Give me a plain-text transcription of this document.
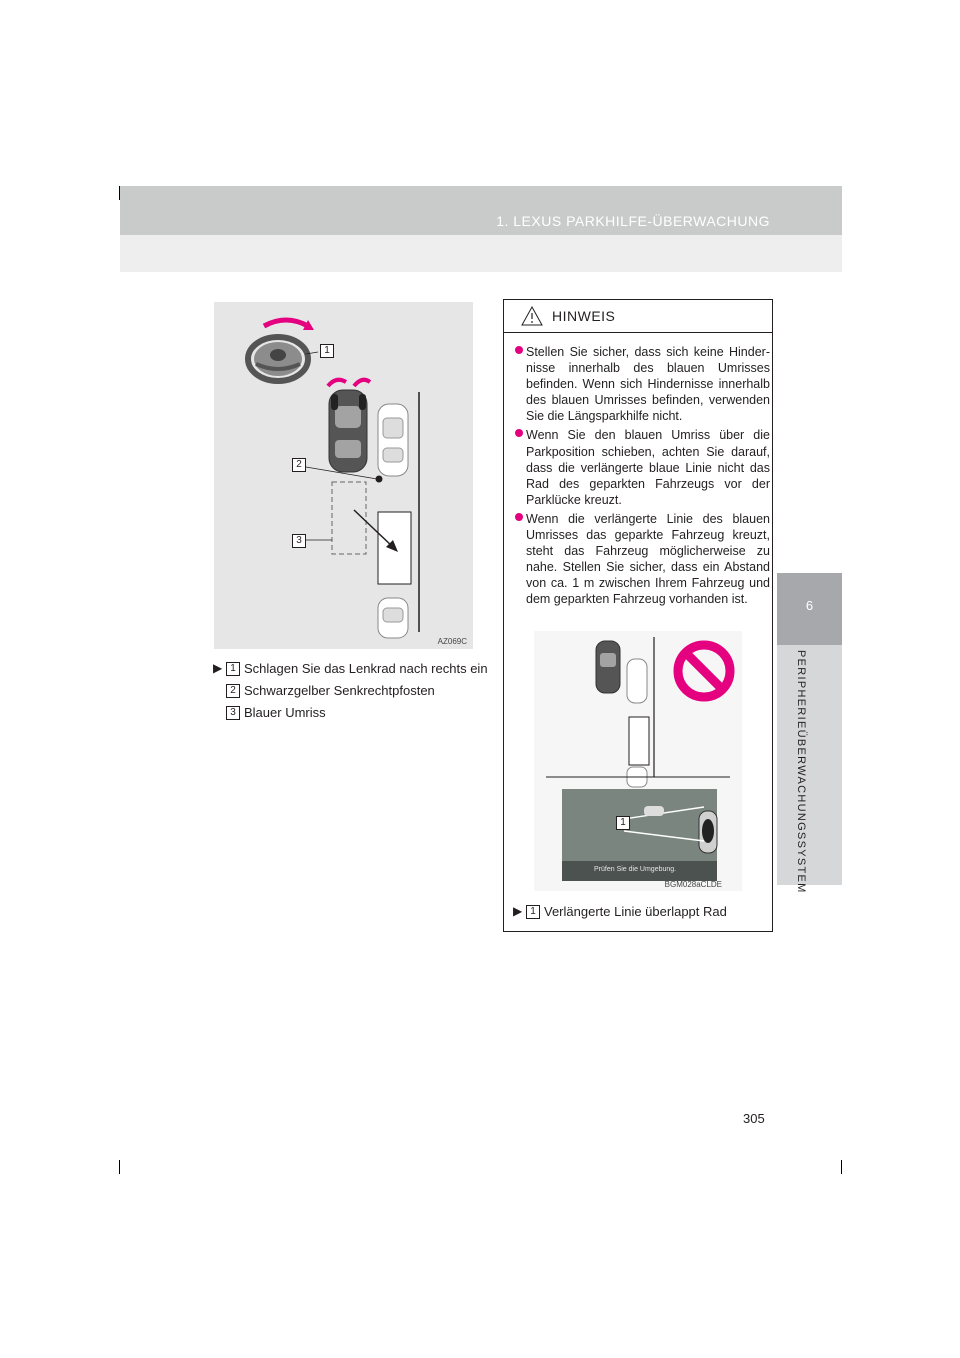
1. LEXUS PARKHILFE-ÜBERWACHUNG
6
PERIPHERIEÜBERWACHUNGSSYSTEM
1
2
3
AZ069C
▶ 1 Schlagen Sie das Lenkrad nach rechts ein
2 Schwarzgelber Senkrechtpfosten
3 Blauer Umriss
HINWEIS
Stellen Sie sicher, dass sich keine Hinder-nisse innerhalb des blauen Umrisses befinden. Wenn sich Hindernisse innerhalb des blauen Umrisses befinden, verwenden Sie die Längsparkhilfe nicht.
Wenn Sie den blauen Umriss über die Parkposition schieben, achten Sie darauf, dass die verlängerte blaue Linie nicht das Rad des geparkten Fahrzeugs vor der Parklücke kreuzt.
Wenn die verlängerte Linie des blauen Umrisses das geparkte Fahrzeug kreuzt, steht das Fahrzeug möglicherweise zu nahe. Stellen Sie sicher, dass ein Abstand von ca. 1 m zwischen Ihrem Fahrzeug und dem geparkten Fahrzeug vorhanden ist.
1
Prüfen Sie die Umgebung.
BGM028aCLDE
▶ 1 Verlängerte Linie überlappt Rad
305
